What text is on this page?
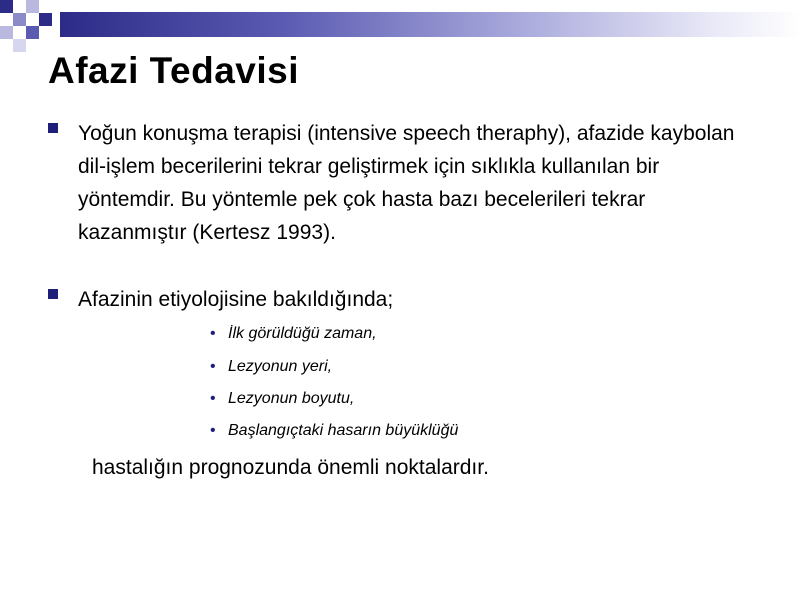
Afazi Tedavisi
Yoğun konuşma terapisi (intensive speech theraphy), afazide kaybolan dil-işlem becerilerini tekrar geliştirmek için sıklıkla kullanılan bir yöntemdir. Bu yöntemle pek çok hasta bazı becelerileri tekrar kazanmıştır (Kertesz 1993).
Afazinin etiyolojisine bakıldığında;
• İlk görüldüğü zaman,
• Lezyonun yeri,
• Lezyonun boyutu,
• Başlangıçtaki hasarın büyüklüğü
hastalığın prognozunda önemli noktalardır.
